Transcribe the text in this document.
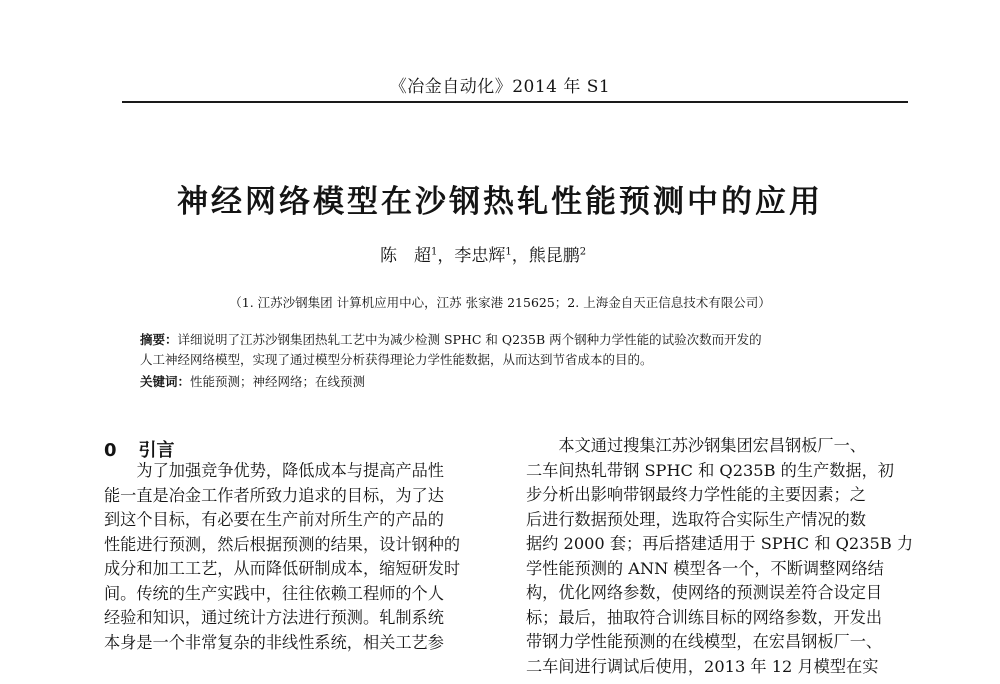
《冶金自动化》2014 年 S1
神经网络模型在沙钢热轧性能预测中的应用
陈　超$^1$，李忠辉$^1$，熊昆鹏$^2$
（1. 江苏沙钢集团 计算机应用中心，江苏 张家港 215625；2. 上海金自天正信息技术有限公司）
摘要：详细说明了江苏沙钢集团热轧工艺中为减少检测 SPHC 和 Q235B 两个钢种力学性能的试验次数而开发的
人工神经网络模型，实现了通过模型分析获得理论力学性能数据，从而达到节省成本的目的。
关键词：性能预测；神经网络；在线预测
0 引言
为了加强竞争优势，降低成本与提高产品性
能一直是冶金工作者所致力追求的目标，为了达
到这个目标，有必要在生产前对所生产的产品的
性能进行预测，然后根据预测的结果，设计钢种的
成分和加工工艺，从而降低研制成本，缩短研发时
间。传统的生产实践中，往往依赖工程师的个人
经验和知识，通过统计方法进行预测。轧制系统
本身是一个非常复杂的非线性系统，相关工艺参
本文通过搜集江苏沙钢集团宏昌钢板厂一、
二车间热轧带钢 SPHC 和 Q235B 的生产数据，初
步分析出影响带钢最终力学性能的主要因素；之
后进行数据预处理，选取符合实际生产情况的数
据约 2000 套；再后搭建适用于 SPHC 和 Q235B 力
学性能预测的 ANN 模型各一个，不断调整网络结
构，优化网络参数，使网络的预测误差符合设定目
标；最后，抽取符合训练目标的网络参数，开发出
带钢力学性能预测的在线模型，在宏昌钢板厂一、
二车间进行调试后使用，2013 年 12 月模型在实
